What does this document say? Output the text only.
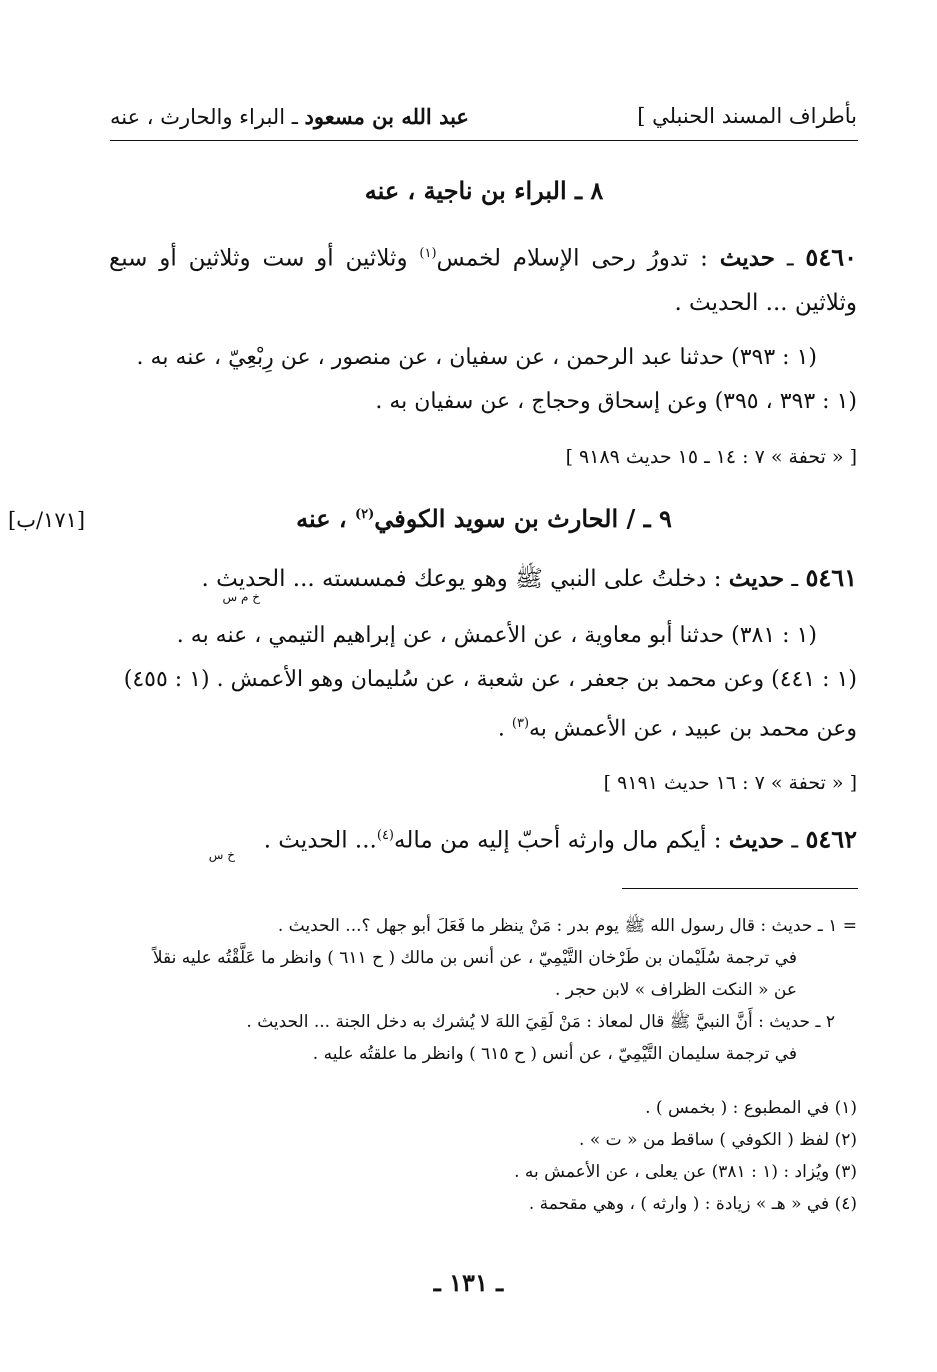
عبد الله بن مسعود ـ البراء والحارث ، عنه	بأطراف المسند الحنبلي ]
٨ ـ البراء بن ناجية ، عنه
٥٤٦٠ ـ حديث : تدورُ رحى الإسلام لخمس$^{(١)}$ وثلاثين أو ست وثلاثين أو سبع وثلاثين ... الحديث .
(١ : ٣٩٣) حدثنا عبد الرحمن ، عن سفيان ، عن منصور ، عن رِبْعِيّ ، عنه به .
(١ : ٣٩٣ ، ٣٩٥) وعن إسحاق وحجاج ، عن سفيان به .
[ « تحفة » ٧ : ١٤ ـ ١٥ حديث ٩١٨٩ ]
٩ ـ / الحارث بن سويد الكوفي$^{(٢)}$ ، عنه
[١٧١/ب]
٥٤٦١ ـ حديث : دخلتُ على النبي ﷺ وهو يوعك فمسسته ... الحديث .
خ م س
(١ : ٣٨١) حدثنا أبو معاوية ، عن الأعمش ، عن إبراهيم التيمي ، عنه به .
(١ : ٤٤١) وعن محمد بن جعفر ، عن شعبة ، عن سُليمان وهو الأعمش . (١ : ٤٥٥)
وعن محمد بن عبيد ، عن الأعمش به$^{(٣)}$ .
[ « تحفة » ٧ : ١٦ حديث ٩١٩١ ]
٥٤٦٢ ـ حديث : أيكم مال وارثه أحبّ إليه من ماله$^{(٤)}$... الحديث .
خ س
= ١ ـ حديث : قال رسول الله ﷺ يوم بدر : مَنْ ينظر ما فَعَلَ أبو جهل ؟... الحديث .
في ترجمة سُلَيْمان بن طَرْخان التَّيْمِيّ ، عن أنس بن مالك ( ح ٦١١ ) وانظر ما عَلَّقْتُه عليه نقلاً
عن « النكت الظراف » لابن حجر .
٢ ـ حديث : أَنَّ النبيَّ ﷺ قال لمعاذ : مَنْ لَقِيَ اللهَ لا يُشرك به دخل الجنة ... الحديث .
في ترجمة سليمان التَّيْمِيّ ، عن أنس ( ح ٦١٥ ) وانظر ما علقتُه عليه .
(١) في المطبوع : ( بخمس ) .
(٢) لفظ ( الكوفي ) ساقط من « ت » .
(٣) ويُزاد : (١ : ٣٨١) عن يعلى ، عن الأعمش به .
(٤) في « هـ » زيادة : ( وارثه ) ، وهي مقحمة .
ـ ١٣١ ـ
